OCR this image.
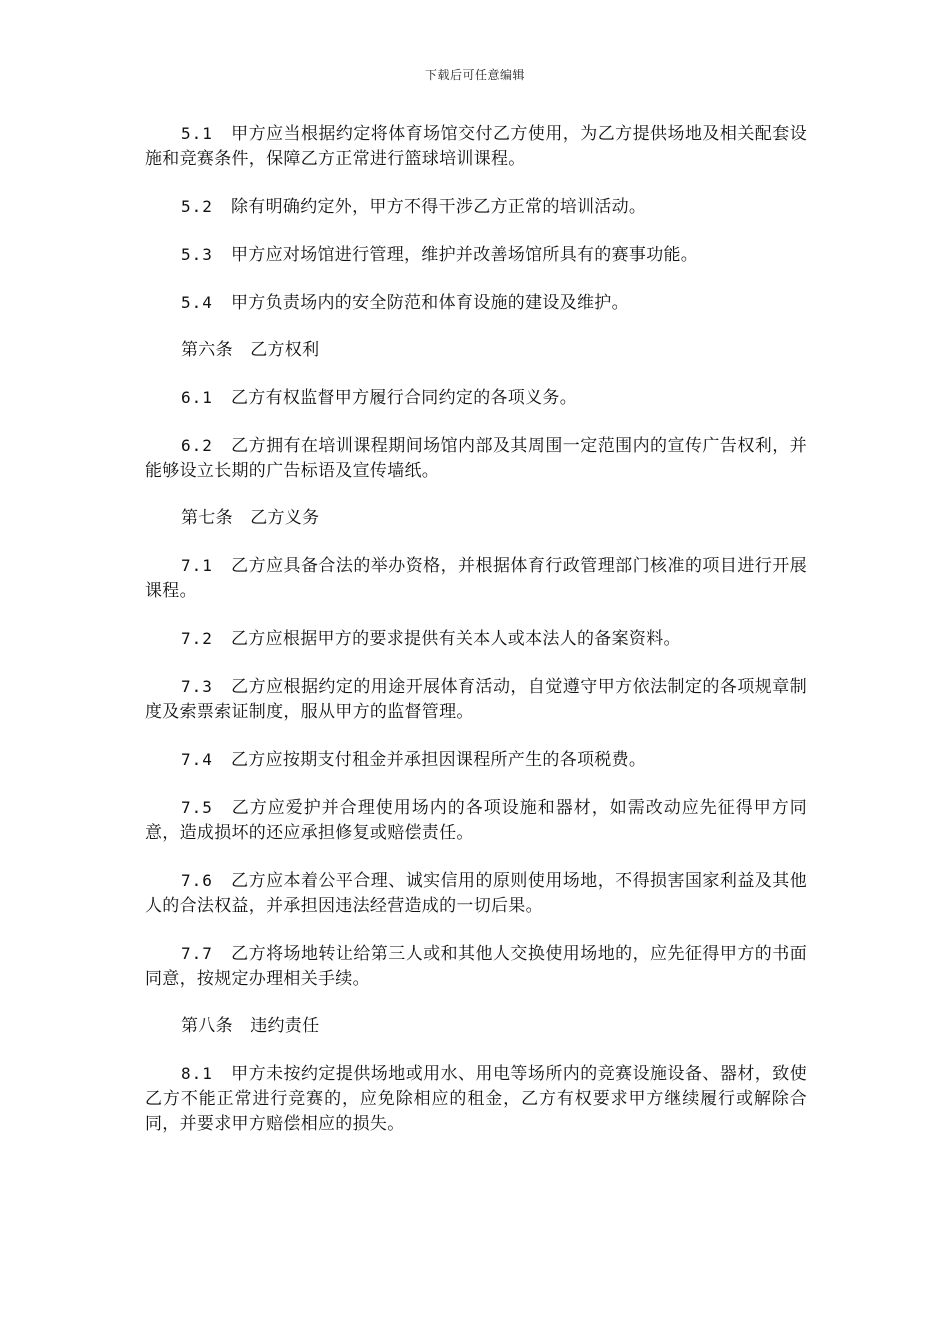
下载后可任意编辑

5.1 甲方应当根据约定将体育场馆交付乙方使用，为乙方提供场地及相关配套设施和竞赛条件，保障乙方正常进行篮球培训课程。

5.2 除有明确约定外，甲方不得干涉乙方正常的培训活动。

5.3 甲方应对场馆进行管理，维护并改善场馆所具有的赛事功能。

5.4 甲方负责场内的安全防范和体育设施的建设及维护。

第六条　乙方权利

6.1 乙方有权监督甲方履行合同约定的各项义务。

6.2 乙方拥有在培训课程期间场馆内部及其周围一定范围内的宣传广告权利，并能够设立长期的广告标语及宣传墙纸。

第七条　乙方义务

7.1 乙方应具备合法的举办资格，并根据体育行政管理部门核准的项目进行开展课程。

7.2 乙方应根据甲方的要求提供有关本人或本法人的备案资料。

7.3 乙方应根据约定的用途开展体育活动，自觉遵守甲方依法制定的各项规章制度及索票索证制度，服从甲方的监督管理。

7.4 乙方应按期支付租金并承担因课程所产生的各项税费。

7.5 乙方应爱护并合理使用场内的各项设施和器材，如需改动应先征得甲方同意，造成损坏的还应承担修复或赔偿责任。

7.6 乙方应本着公平合理、诚实信用的原则使用场地，不得损害国家利益及其他人的合法权益，并承担因违法经营造成的一切后果。

7.7 乙方将场地转让给第三人或和其他人交换使用场地的，应先征得甲方的书面同意，按规定办理相关手续。

第八条　违约责任

8.1 甲方未按约定提供场地或用水、用电等场所内的竞赛设施设备、器材，致使乙方不能正常进行竞赛的，应免除相应的租金，乙方有权要求甲方继续履行或解除合同，并要求甲方赔偿相应的损失。
